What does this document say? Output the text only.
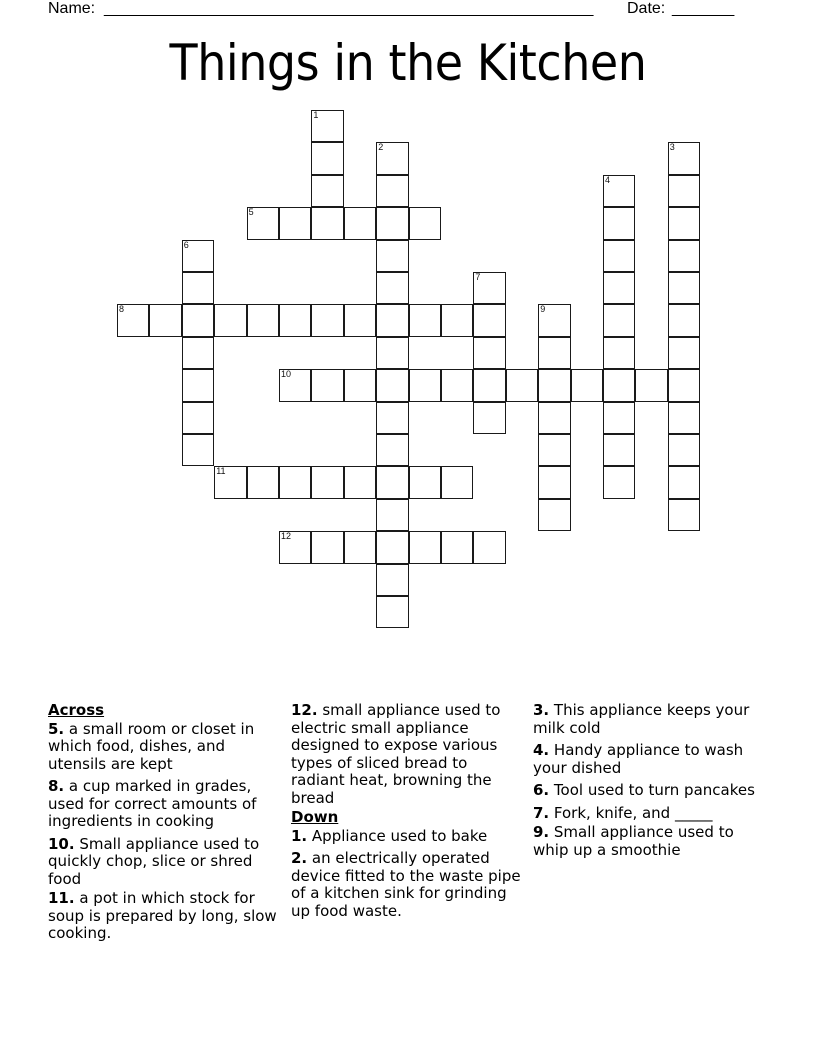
Name: _______________________________________________________ Date: _______
Things in the Kitchen
1
2	3
4
5
6
7
8	9
10
11
12
Across
5. a small room or closet in which food, dishes, and utensils are kept
8. a cup marked in grades, used for correct amounts of ingredients in cooking
10. Small appliance used to quickly chop, slice or shred food
11. a pot in which stock for soup is prepared by long, slow cooking.
12. small appliance used to electric small appliance designed to expose various types of sliced bread to radiant heat, browning the bread
Down
1. Appliance used to bake
2. an electrically operated device fitted to the waste pipe of a kitchen sink for grinding up food waste.
3. This appliance keeps your milk cold
4. Handy appliance to wash your dished
6. Tool used to turn pancakes
7. Fork, knife, and _____
9. Small appliance used to whip up a smoothie
